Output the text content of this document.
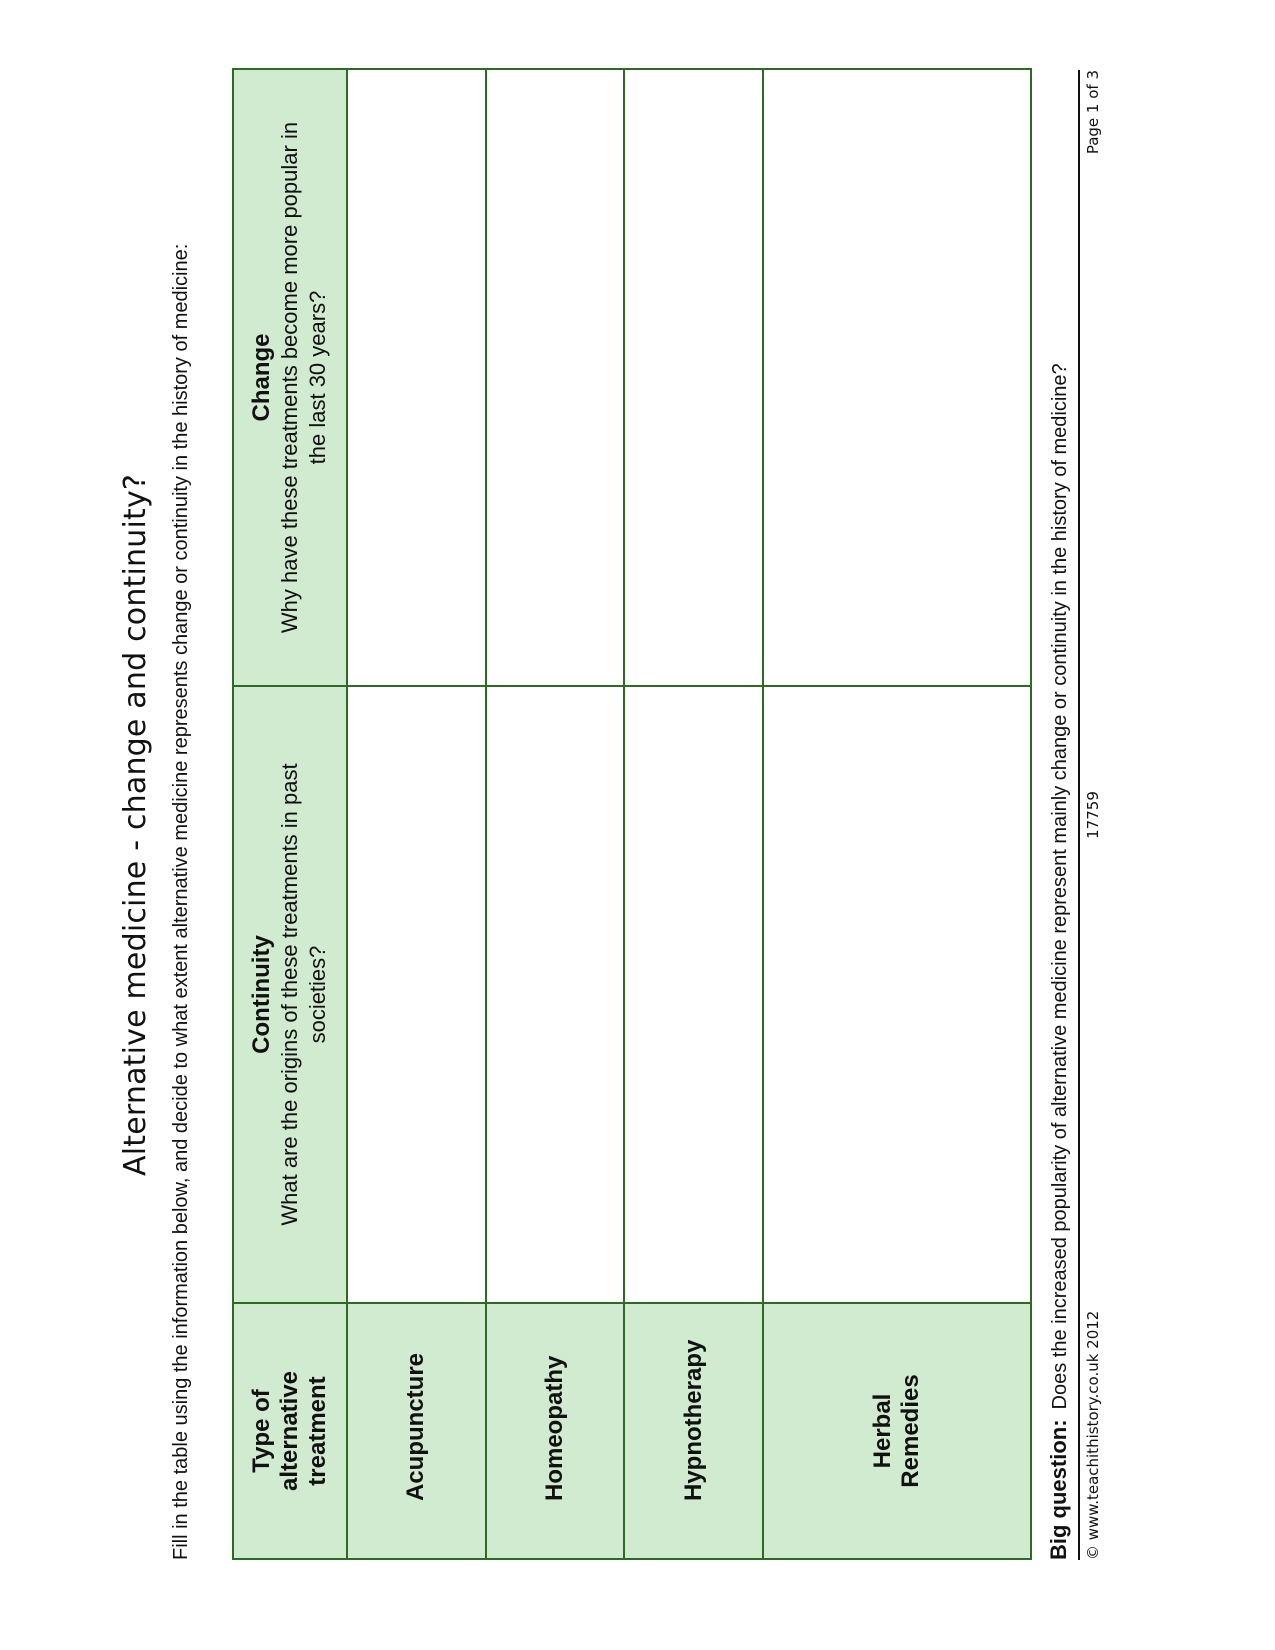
Alternative medicine - change and continuity? Fill in the table using the information below, and decide to what extent alternative medicine represents change or continuity in the history of medicine: Type of alternative treatment	Continuity What are the origins of these treatments in past societies?	Change Why have these treatments become more popular in the last 30 years?

Acupuncture		
Homeopathy		
Hypnotherapy		
Herbal Remedies			Big question:Does the increased popularity of alternative medicine represent mainly change or continuity in the history of medicine?
© www.teachithistory.co.uk 2012
17759
Page 1 of 3
